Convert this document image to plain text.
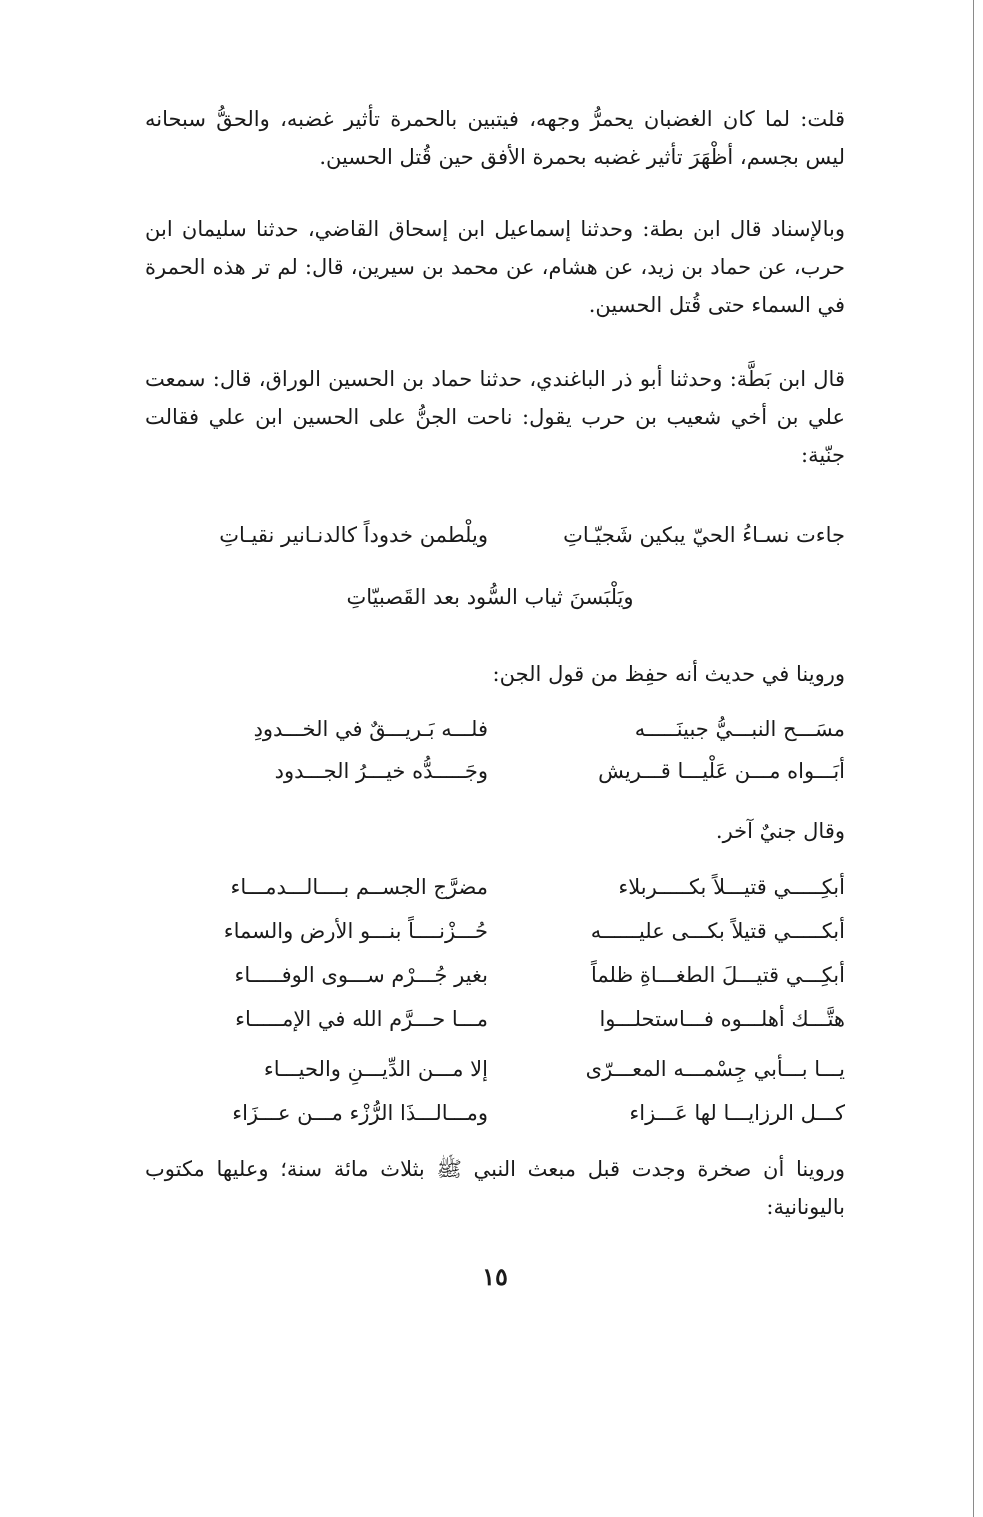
قلت: لما كان الغضبان يحمرُّ وجهه، فيتبين بالحمرة تأثير غضبه، والحقُّ سبحانه ليس بجسم، أظْهَرَ تأثير غضبه بحمرة الأفق حين قُتل الحسين.
وبالإسناد قال ابن بطة: وحدثنا إسماعيل ابن إسحاق القاضي، حدثنا سليمان ابن حرب، عن حماد بن زيد، عن هشام، عن محمد بن سيرين، قال: لم تر هذه الحمرة في السماء حتى قُتل الحسين.
قال ابن بَطَّة: وحدثنا أبو ذر الباغندي، حدثنا حماد بن الحسين الوراق، قال: سمعت علي بن أخي شعيب بن حرب يقول: ناحت الجنُّ على الحسين ابن علي فقالت جنّية:
جاءت نسـاءُ الحيّ يبكين شَجيّـاتِ
ويلْطمن خدوداً كالدنـانير نقيـاتِ
ويَلْبَسنَ ثياب السُّود بعد القَصبيّاتِ
وروينا في حديث أنه حفِظ من قول الجن:
مسَـــح النبـــيُّ جبينَـــــه
فلـــه بَـريـــقٌ في الخـــدودِ
أبَـــواه مـــن عَلْيـــا قـــريش
وجَـــــدُّه خيـــرُ الجـــدود
وقال جنيٌ آخر.
أبكِـــــي قتيـــلاً بكـــــربلاء
مضرَّج الجســم بــــالـــدمـــاء
أبكـــــي قتيلاً بكـــى عليــــــه
حُـــزْنــــاً بنـــو الأرض والسماء
أبكِـــي قتيـــلَ الطغـــاةِ ظلماً
بغير جُـــرْم ســـوى الوفـــــاء
هتَّـــك أهلـــوه فـــاستحلـــوا
مـــا حـــرَّم الله في الإمـــــاء
يـــا بـــأبي جِسْمـــه المعـــرّى
إلا مـــن الدِّيـــنِ والحيـــاء
كـــل الرزايـــا لها عَـــزاء
ومـــالـــذَا الرُّزْء مـــن عـــزَاء
وروينا أن صخرة وجدت قبل مبعث النبي ﷺ بثلاث مائة سنة؛ وعليها مكتوب باليونانية:
١٥
